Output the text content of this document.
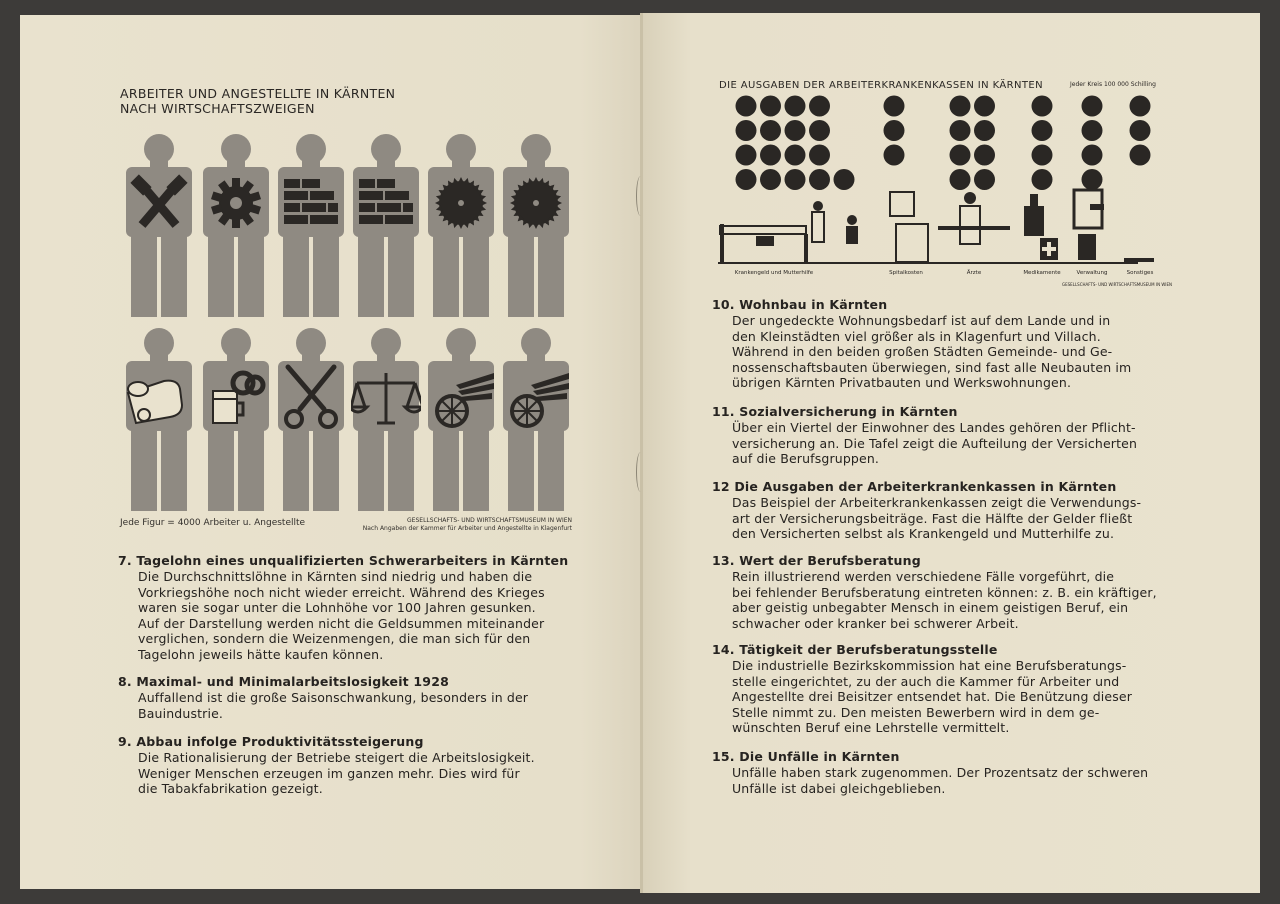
ARBEITER UND ANGESTELLTE IN KÄRNTEN
NACH WIRTSCHAFTSZWEIGEN
Jede Figur = 4000 Arbeiter u. Angestellte	GESELLSCHAFTS- UND WIRTSCHAFTSMUSEUM IN WIEN
Nach Angaben der Kammer für Arbeiter und Angestellte in Klagenfurt
DIE AUSGABEN DER ARBEITERKRANKENKASSEN IN KÄRNTEN	Jeder Kreis 100 000 Schilling
Krankengeld und Mutterhilfe	Spitalkosten	Ärzte	Medikamente	Verwaltung	Sonstiges
GESELLSCHAFTS- UND WIRTSCHAFTSMUSEUM IN WIEN
7. Tagelohn eines unqualifizierten Schwerarbeiters in Kärnten
Die Durchschnittslöhne in Kärnten sind niedrig und haben die
Vorkriegshöhe noch nicht wieder erreicht. Während des Krieges
waren sie sogar unter die Lohnhöhe vor 100 Jahren gesunken.
Auf der Darstellung werden nicht die Geldsummen miteinander
verglichen, sondern die Weizenmengen, die man sich für den
Tagelohn jeweils hätte kaufen können.
8. Maximal- und Minimalarbeitslosigkeit 1928
Auffallend ist die große Saisonschwankung, besonders in der
Bauindustrie.
9. Abbau infolge Produktivitätssteigerung
Die Rationalisierung der Betriebe steigert die Arbeitslosigkeit.
Weniger Menschen erzeugen im ganzen mehr. Dies wird für
die Tabakfabrikation gezeigt.
10. Wohnbau in Kärnten
Der ungedeckte Wohnungsbedarf ist auf dem Lande und in
den Kleinstädten viel größer als in Klagenfurt und Villach.
Während in den beiden großen Städten Gemeinde- und Ge-
nossenschaftsbauten überwiegen, sind fast alle Neubauten im
übrigen Kärnten Privatbauten und Werkswohnungen.
11. Sozialversicherung in Kärnten
Über ein Viertel der Einwohner des Landes gehören der Pflicht-
versicherung an. Die Tafel zeigt die Aufteilung der Versicherten
auf die Berufsgruppen.
12 Die Ausgaben der Arbeiterkrankenkassen in Kärnten
Das Beispiel der Arbeiterkrankenkassen zeigt die Verwendungs-
art der Versicherungsbeiträge. Fast die Hälfte der Gelder fließt
den Versicherten selbst als Krankengeld und Mutterhilfe zu.
13. Wert der Berufsberatung
Rein illustrierend werden verschiedene Fälle vorgeführt, die
bei fehlender Berufsberatung eintreten können: z. B. ein kräftiger,
aber geistig unbegabter Mensch in einem geistigen Beruf, ein
schwacher oder kranker bei schwerer Arbeit.
14. Tätigkeit der Berufsberatungsstelle
Die industrielle Bezirkskommission hat eine Berufsberatungs-
stelle eingerichtet, zu der auch die Kammer für Arbeiter und
Angestellte drei Beisitzer entsendet hat. Die Benützung dieser
Stelle nimmt zu. Den meisten Bewerbern wird in dem ge-
wünschten Beruf eine Lehrstelle vermittelt.
15. Die Unfälle in Kärnten
Unfälle haben stark zugenommen. Der Prozentsatz der schweren
Unfälle ist dabei gleichgeblieben.
